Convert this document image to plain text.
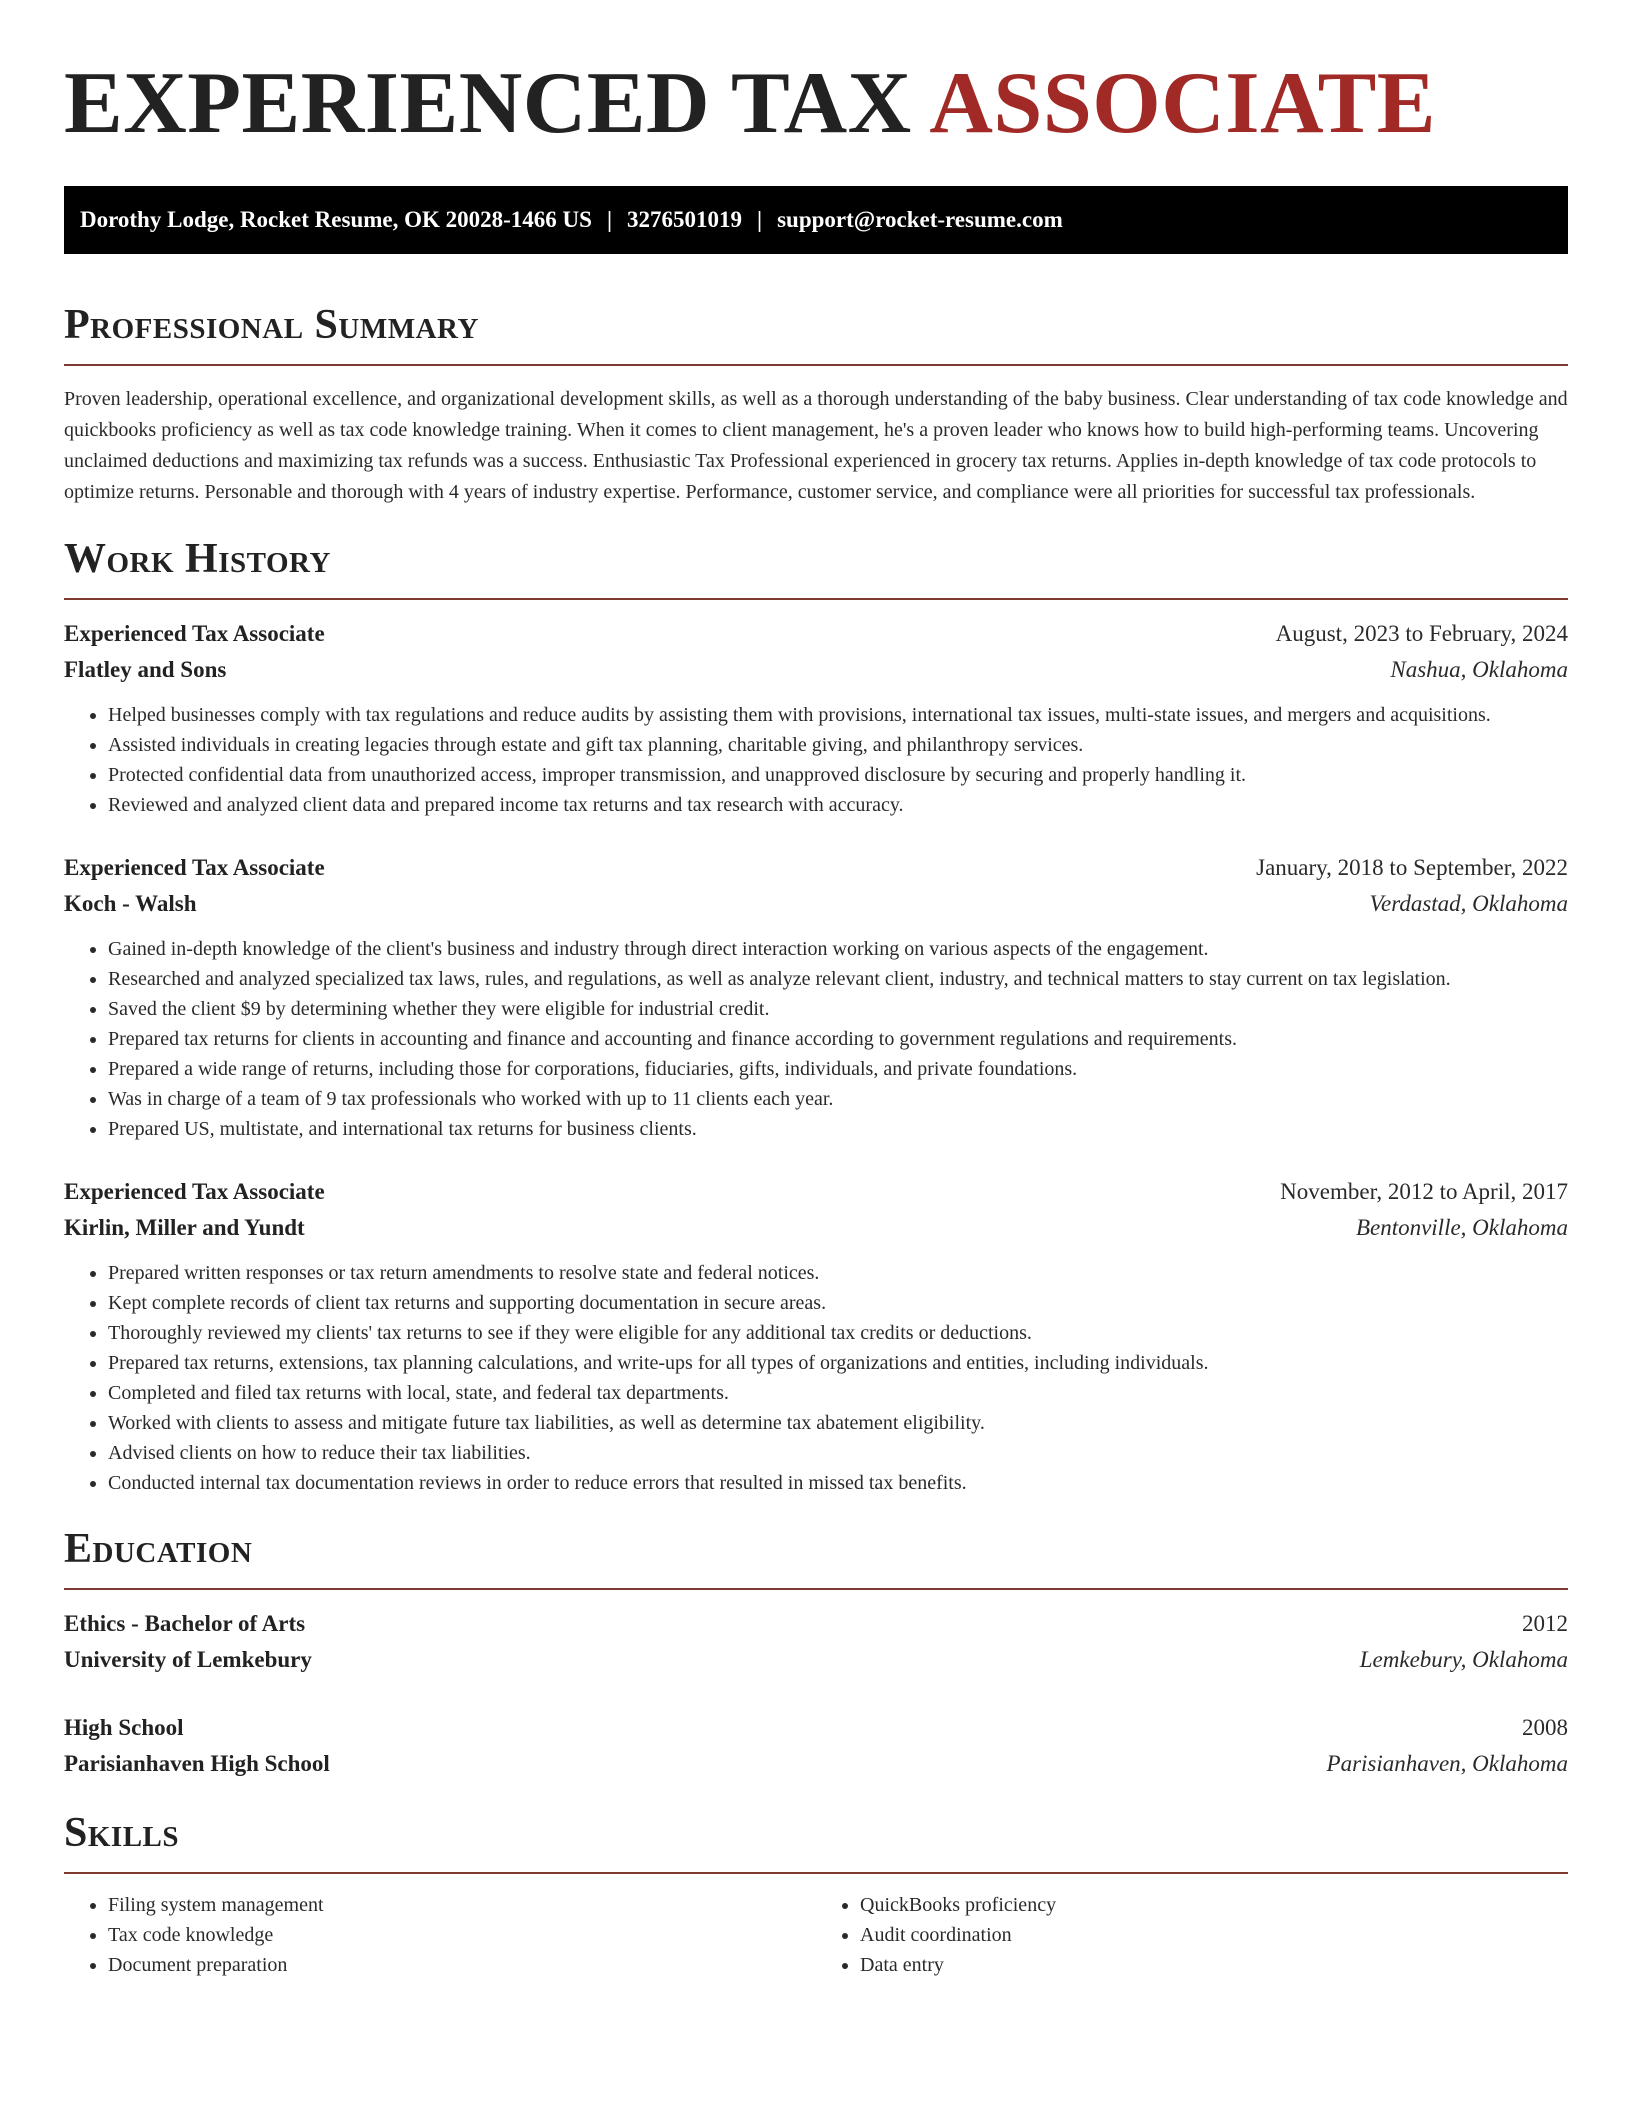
EXPERIENCED TAX ASSOCIATE
Dorothy Lodge, Rocket Resume, OK 20028-1466 US | 3276501019 | support@rocket-resume.com
Professional Summary

Proven leadership, operational excellence, and organizational development skills, as well as a thorough understanding of the baby business. Clear understanding of tax code knowledge and quickbooks proficiency as well as tax code knowledge training. When it comes to client management, he's a proven leader who knows how to build high-performing teams. Uncovering unclaimed deductions and maximizing tax refunds was a success. Enthusiastic Tax Professional experienced in grocery tax returns. Applies in-depth knowledge of tax code protocols to optimize returns. Personable and thorough with 4 years of industry expertise. Performance, customer service, and compliance were all priorities for successful tax professionals.

Work History
Experienced Tax Associate	August, 2023 to February, 2024
Flatley and Sons	Nashua, Oklahoma
• Helped businesses comply with tax regulations and reduce audits by assisting them with provisions, international tax issues, multi-state issues, and mergers and acquisitions.
• Assisted individuals in creating legacies through estate and gift tax planning, charitable giving, and philanthropy services.
• Protected confidential data from unauthorized access, improper transmission, and unapproved disclosure by securing and properly handling it.
• Reviewed and analyzed client data and prepared income tax returns and tax research with accuracy.
Experienced Tax Associate	January, 2018 to September, 2022
Koch - Walsh	Verdastad, Oklahoma
• Gained in-depth knowledge of the client's business and industry through direct interaction working on various aspects of the engagement.
• Researched and analyzed specialized tax laws, rules, and regulations, as well as analyze relevant client, industry, and technical matters to stay current on tax legislation.
• Saved the client $9 by determining whether they were eligible for industrial credit.
• Prepared tax returns for clients in accounting and finance and accounting and finance according to government regulations and requirements.
• Prepared a wide range of returns, including those for corporations, fiduciaries, gifts, individuals, and private foundations.
• Was in charge of a team of 9 tax professionals who worked with up to 11 clients each year.
• Prepared US, multistate, and international tax returns for business clients.
Experienced Tax Associate	November, 2012 to April, 2017
Kirlin, Miller and Yundt	Bentonville, Oklahoma
• Prepared written responses or tax return amendments to resolve state and federal notices.
• Kept complete records of client tax returns and supporting documentation in secure areas.
• Thoroughly reviewed my clients' tax returns to see if they were eligible for any additional tax credits or deductions.
• Prepared tax returns, extensions, tax planning calculations, and write-ups for all types of organizations and entities, including individuals.
• Completed and filed tax returns with local, state, and federal tax departments.
• Worked with clients to assess and mitigate future tax liabilities, as well as determine tax abatement eligibility.
• Advised clients on how to reduce their tax liabilities.
• Conducted internal tax documentation reviews in order to reduce errors that resulted in missed tax benefits.
Education
Ethics - Bachelor of Arts	2012
University of Lemkebury	Lemkebury, Oklahoma
High School	2008
Parisianhaven High School	Parisianhaven, Oklahoma
Skills
• Filing system management
• Tax code knowledge
• Document preparation
• QuickBooks proficiency
• Audit coordination
• Data entry
